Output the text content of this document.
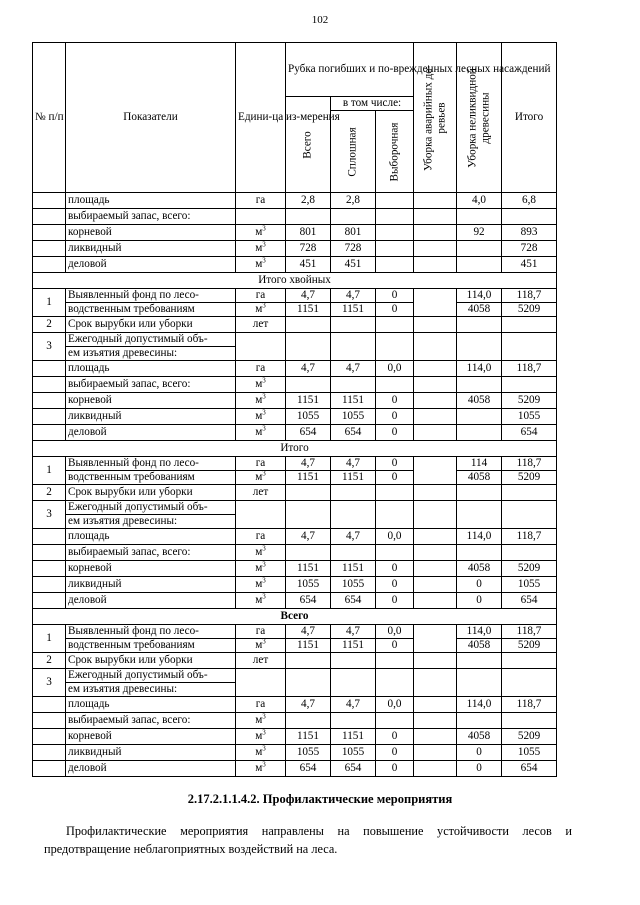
102
№ п/п	Показатели	Едини-ца из-мерения	Рубка погибших и по-врежденных лесных насаждений			Уборка аварийных де-ревьев	Уборка неликвидной древесины	Итого

			Всего	в том числе:				

				Сплошная	Выборочная			

	площадь	га	2,8	2,8			4,0	6,8
	выбираемый запас, всего:							
	корневой	$м^3$	801	801			92	893
	ликвидный	$м^3$	728	728				728
	деловой	$м^3$	451	451				451
Итого хвойных								
1	Выявленный фонд по лесо-	га	4,7	4,7	0		114,0	118,7
	водственным требованиям	$м^3$	1151	1151	0		4058	5209
2	Срок вырубки или уборки	лет						
3	Ежегодный допустимый объ-							
	ем изъятия древесины:							
	площадь	га	4,7	4,7	0,0		114,0	118,7
	выбираемый запас, всего:	$м^3$						
	корневой	$м^3$	1151	1151	0		4058	5209
	ликвидный	$м^3$	1055	1055	0			1055
	деловой	$м^3$	654	654	0			654
Итого								
1	Выявленный фонд по лесо-	га	4,7	4,7	0		114	118,7
	водственным требованиям	$м^3$	1151	1151	0		4058	5209
2	Срок вырубки или уборки	лет						
3	Ежегодный допустимый объ-							
	ем изъятия древесины:							
	площадь	га	4,7	4,7	0,0		114,0	118,7
	выбираемый запас, всего:	$м^3$						
	корневой	$м^3$	1151	1151	0		4058	5209
	ликвидный	$м^3$	1055	1055	0		0	1055
	деловой	$м^3$	654	654	0		0	654
Всего								
1	Выявленный фонд по лесо-	га	4,7	4,7	0,0		114,0	118,7
	водственным требованиям	$м^3$	1151	1151	0		4058	5209
2	Срок вырубки или уборки	лет						
3	Ежегодный допустимый объ-							
	ем изъятия древесины:							
	площадь	га	4,7	4,7	0,0		114,0	118,7
	выбираемый запас, всего:	$м^3$						
	корневой	$м^3$	1151	1151	0		4058	5209
	ликвидный	$м^3$	1055	1055	0		0	1055
	деловой	$м^3$	654	654	0		0	654
2.17.2.1.1.4.2. Профилактические мероприятия
Профилактические мероприятия направлены на повышение устойчивости лесов и предотвращение неблагоприятных воздействий на леса.
